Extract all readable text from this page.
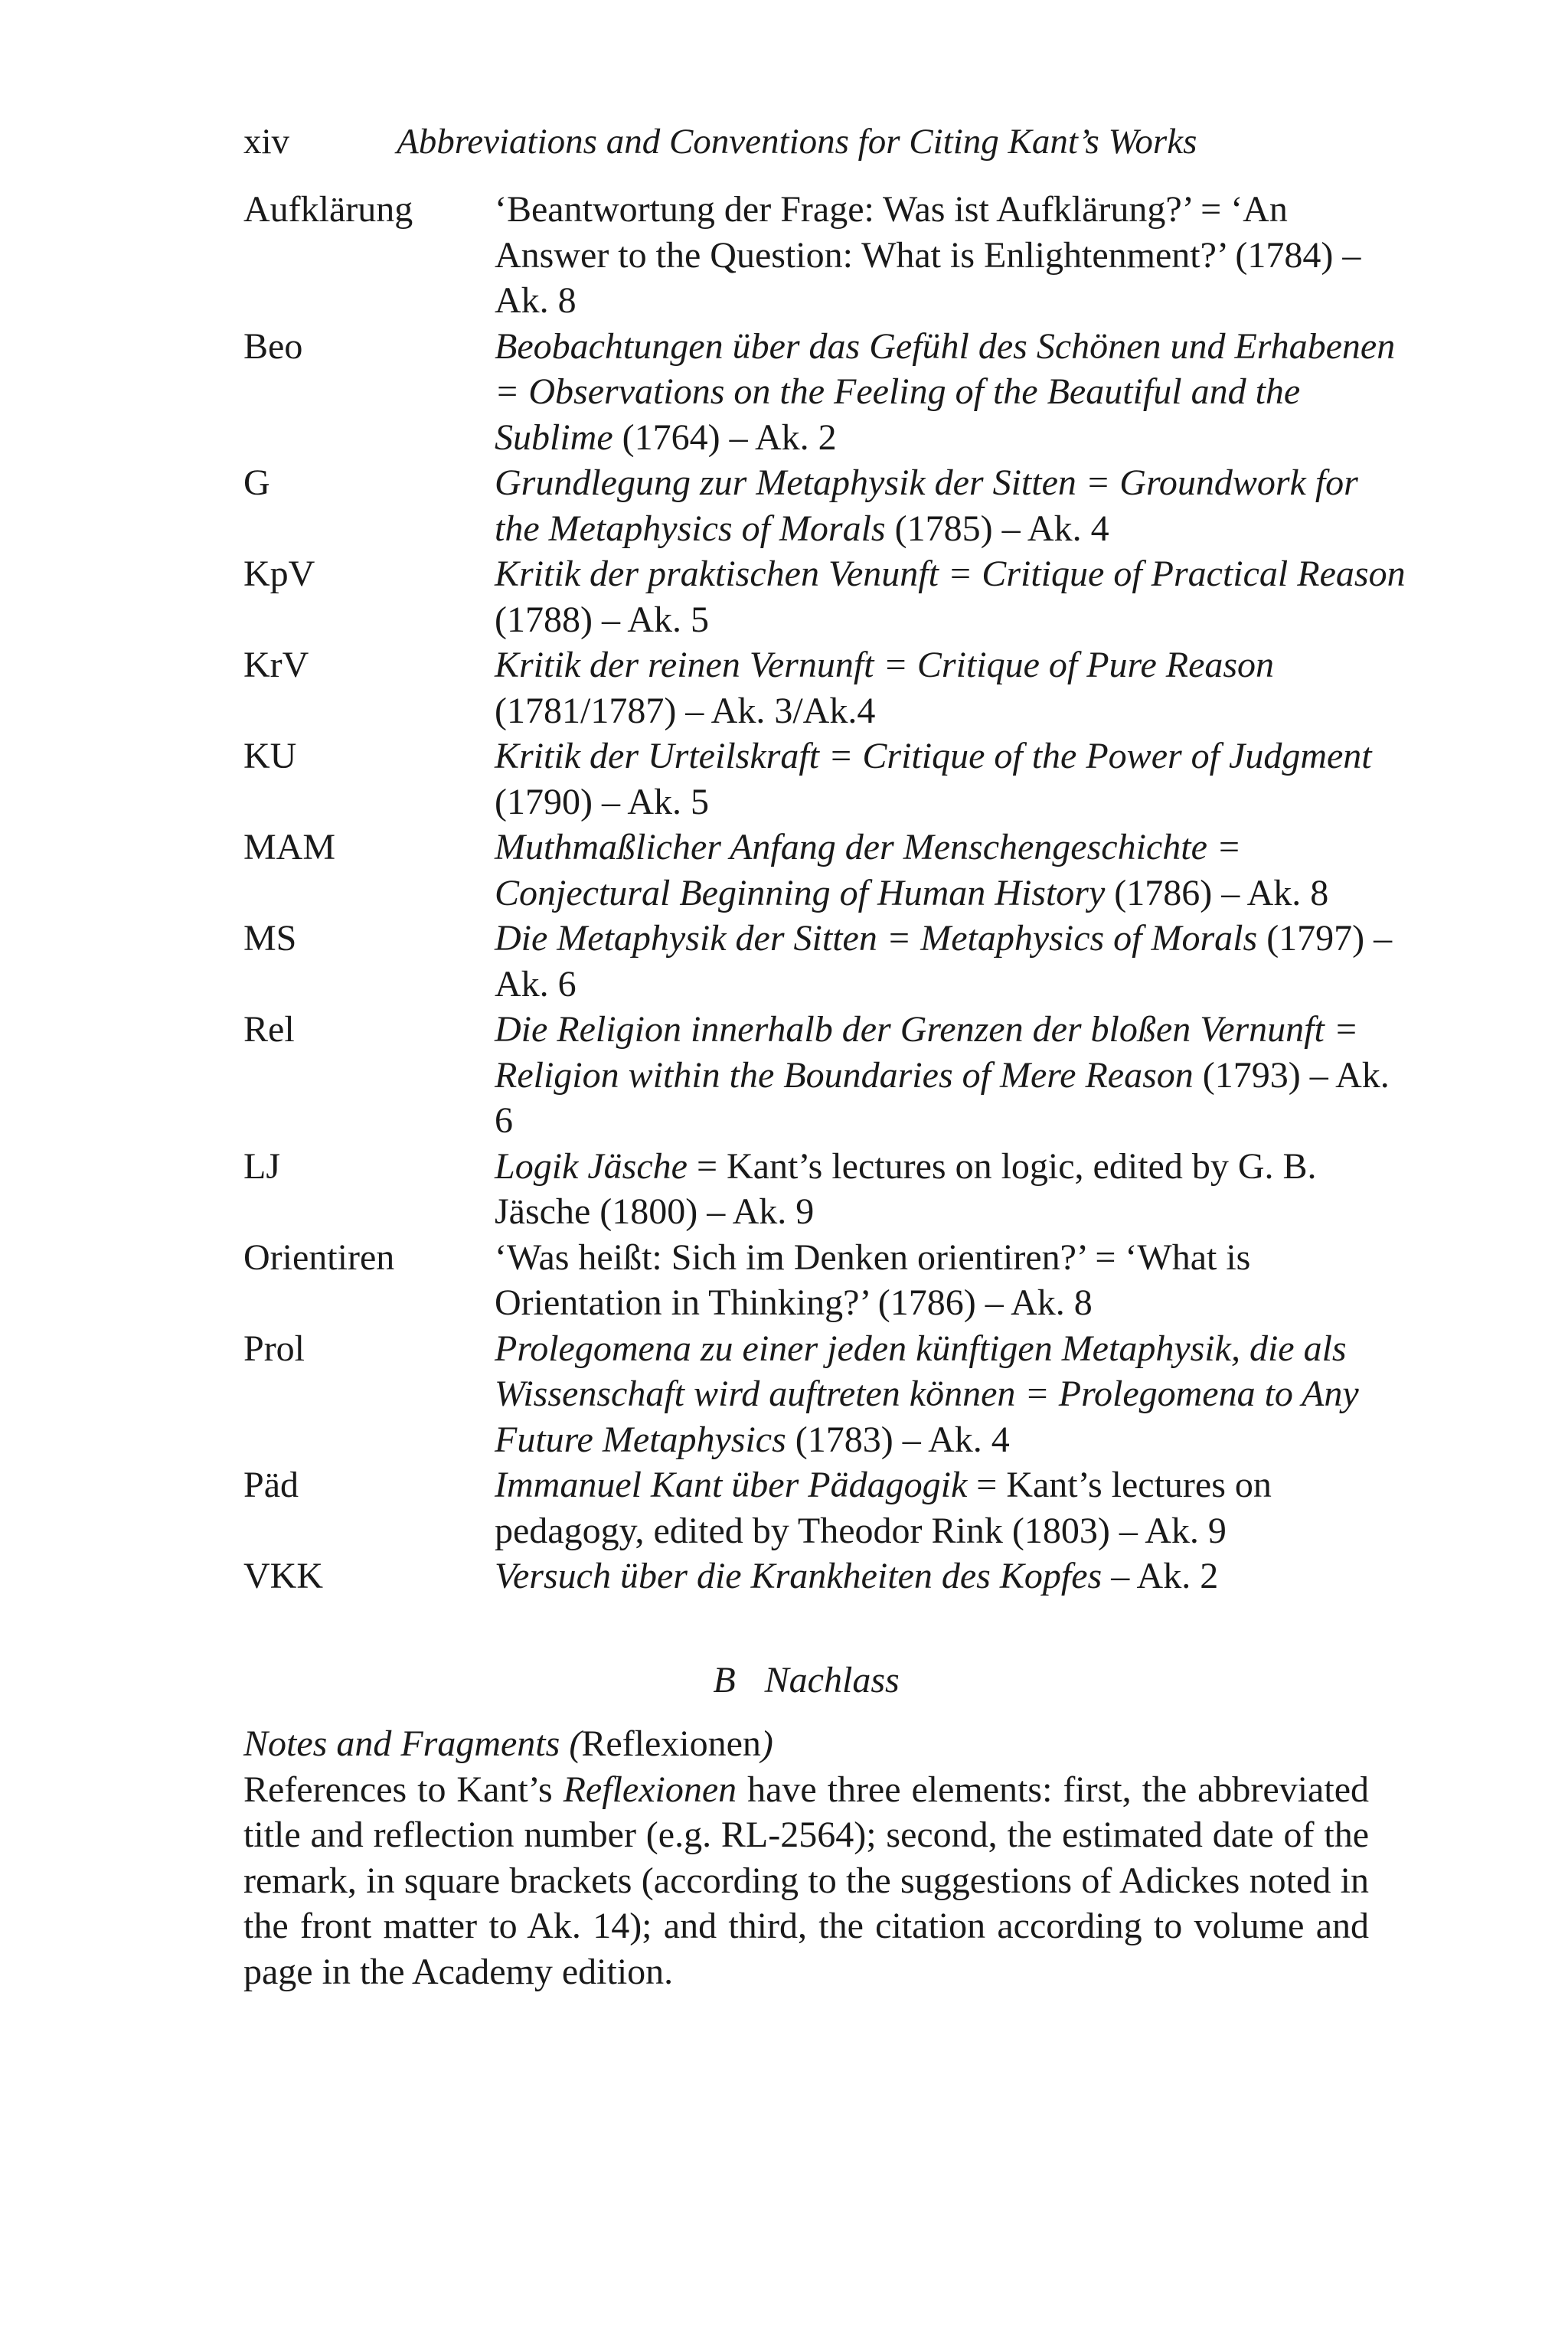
xiv	Abbreviations and Conventions for Citing Kant’s Works
Aufklärung ‘Beantwortung der Frage: Was ist Aufklärung?’ = ‘An Answer to the Question: What is Enlightenment?’ (1784) – Ak. 8
Beo	Beobachtungen über das Gefühl des Schönen und Erhabenen = Observations on the Feeling of the Beautiful and the Sublime (1764) – Ak. 2
G	Grundlegung zur Metaphysik der Sitten = Groundwork for the Metaphysics of Morals (1785) – Ak. 4
KpV	Kritik der praktischen Venunft = Critique of Practical Reason (1788) – Ak. 5
KrV	Kritik der reinen Vernunft = Critique of Pure Reason (1781/1787) – Ak. 3/Ak.4
KU	Kritik der Urteilskraft = Critique of the Power of Judgment (1790) – Ak. 5
MAM	Muthmaßlicher Anfang der Menschengeschichte = Conjectural Beginning of Human History (1786) – Ak. 8
MS	Die Metaphysik der Sitten = Metaphysics of Morals (1797) – Ak. 6
Rel	Die Religion innerhalb der Grenzen der bloßen Vernunft = Religion within the Boundaries of Mere Reason (1793) – Ak. 6
LJ	Logik Jäsche = Kant’s lectures on logic, edited by G. B. Jäsche (1800) – Ak. 9
Orientiren	‘Was heißt: Sich im Denken orientiren?’ = ‘What is Orientation in Thinking?’ (1786) – Ak. 8
Prol	Prolegomena zu einer jeden künftigen Metaphysik, die als Wissenschaft wird auftreten können = Prolegomena to Any Future Metaphysics (1783) – Ak. 4
Päd	Immanuel Kant über Pädagogik = Kant’s lectures on pedagogy, edited by Theodor Rink (1803) – Ak. 9
VKK	Versuch über die Krankheiten des Kopfes – Ak. 2
B Nachlass

Notes and Fragments (Reflexionen)

References to Kant’s Reflexionen have three elements: first, the abbreviated title and reflection number (e.g. RL-2564); second, the estimated date of the remark, in square brackets (according to the suggestions of Adickes noted in the front matter to Ak. 14); and third, the citation according to volume and page in the Academy edition.
